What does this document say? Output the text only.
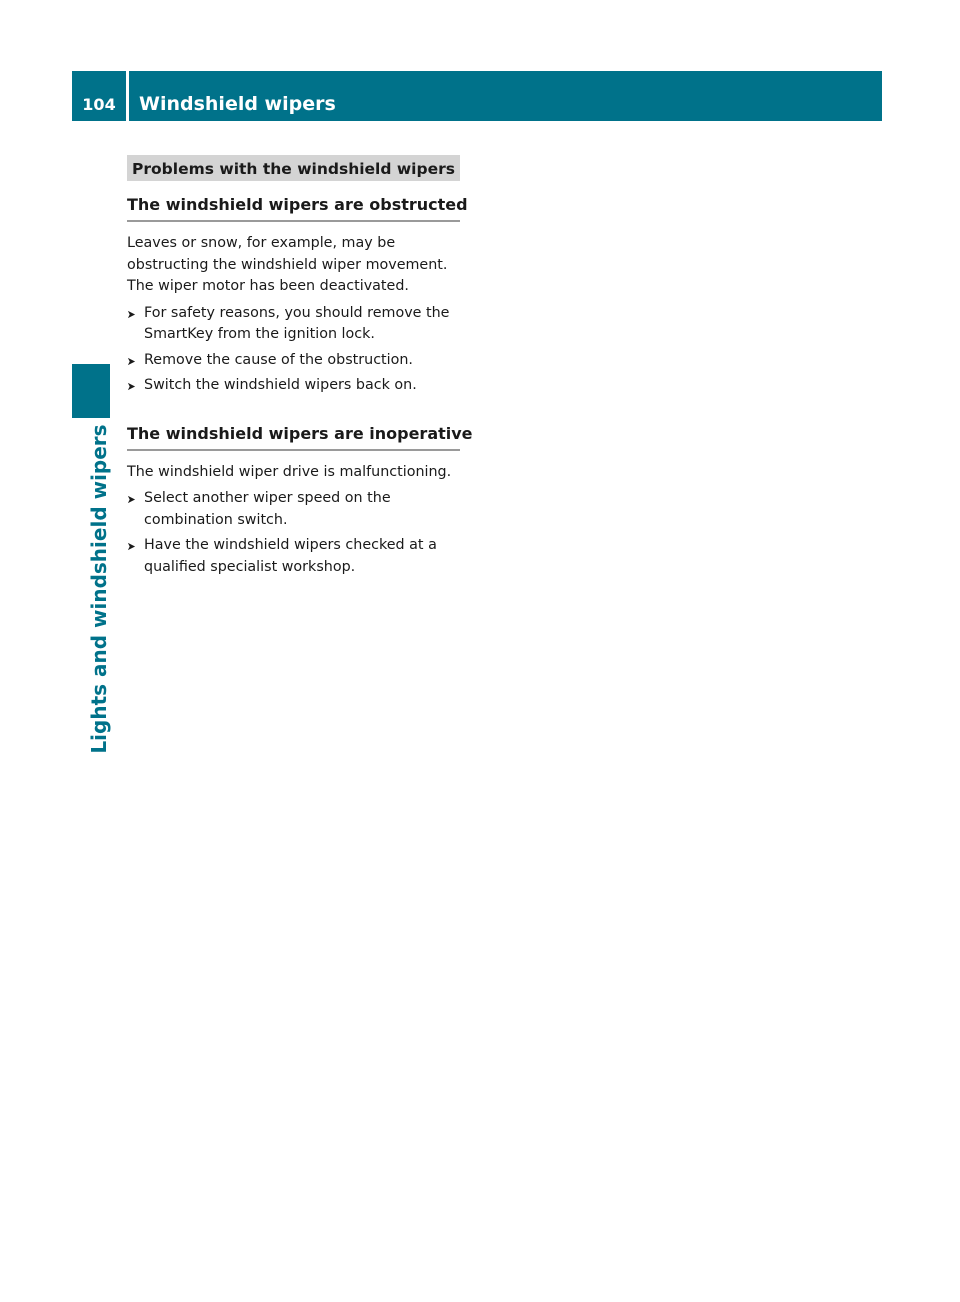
104	Windshield wipers
Lights and windshield wipers
Problems with the windshield wipers
The windshield wipers are obstructed

Leaves or snow, for example, may be

obstructing the windshield wiper movement.

The wiper motor has been deactivated.

For safety reasons, you should remove the
SmartKey from the ignition lock.
Remove the cause of the obstruction.
Switch the windshield wipers back on.
The windshield wipers are inoperative

The windshield wiper drive is malfunctioning.

Select another wiper speed on the
combination switch.
Have the windshield wipers checked at a
qualified specialist workshop.
